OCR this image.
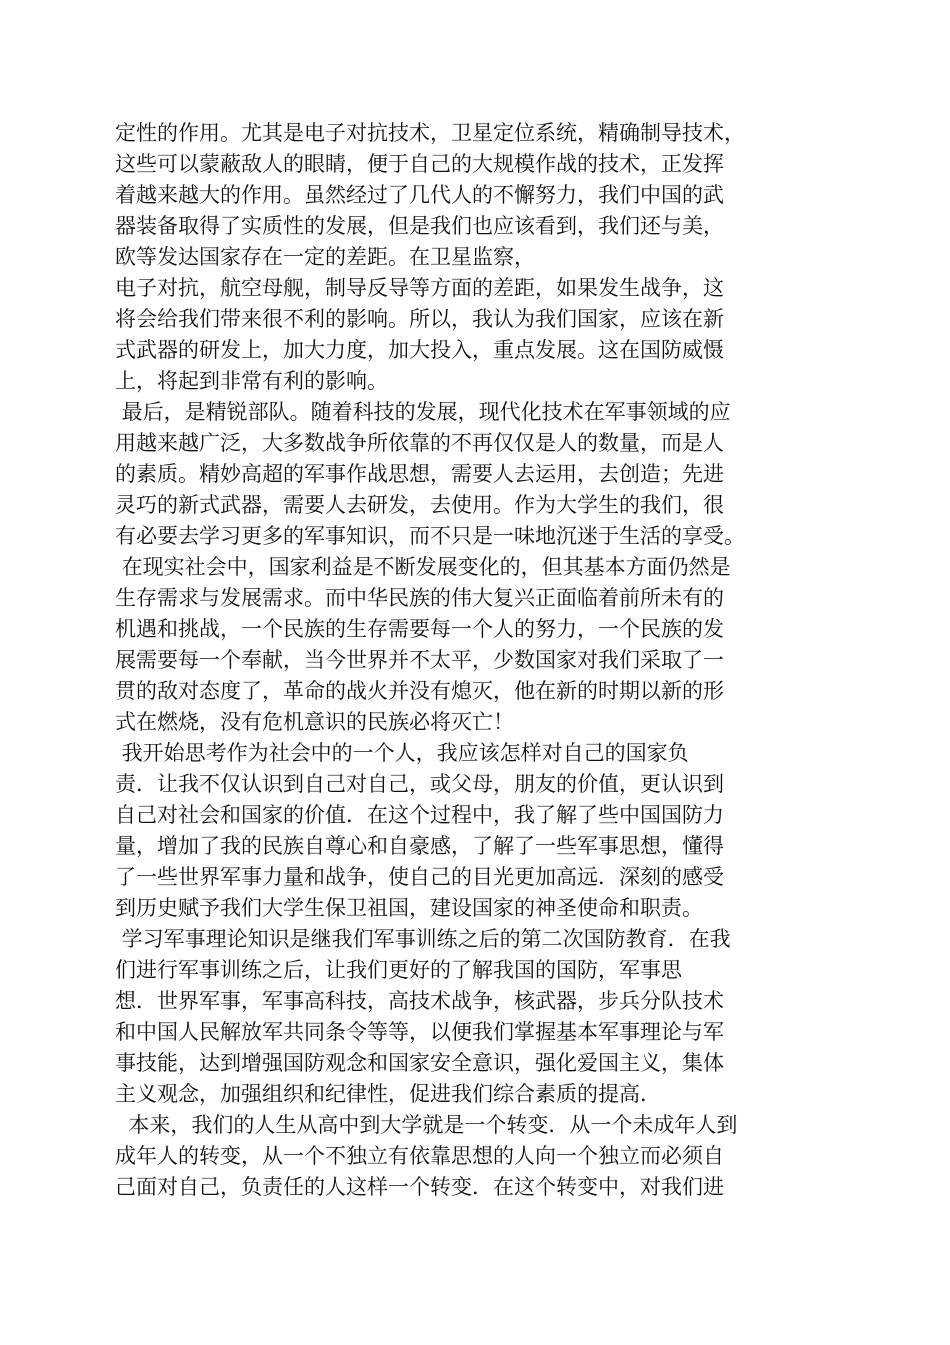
定性的作用。尤其是电子对抗技术，卫星定位系统，精确制导技术，
这些可以蒙蔽敌人的眼睛，便于自己的大规模作战的技术，正发挥
着越来越大的作用。虽然经过了几代人的不懈努力，我们中国的武
器装备取得了实质性的发展，但是我们也应该看到，我们还与美，
欧等发达国家存在一定的差距。在卫星监察，
电子对抗，航空母舰，制导反导等方面的差距，如果发生战争，这
将会给我们带来很不利的影响。所以，我认为我们国家，应该在新
式武器的研发上，加大力度，加大投入，重点发展。这在国防威慑
上，将起到非常有利的影响。
最后，是精锐部队。随着科技的发展，现代化技术在军事领域的应
用越来越广泛，大多数战争所依靠的不再仅仅是人的数量，而是人
的素质。精妙高超的军事作战思想，需要人去运用，去创造；先进
灵巧的新式武器，需要人去研发，去使用。作为大学生的我们，很
有必要去学习更多的军事知识，而不只是一味地沉迷于生活的享受。
在现实社会中，国家利益是不断发展变化的，但其基本方面仍然是
生存需求与发展需求。而中华民族的伟大复兴正面临着前所未有的
机遇和挑战，一个民族的生存需要每一个人的努力，一个民族的发
展需要每一个奉献，当今世界并不太平，少数国家对我们采取了一
贯的敌对态度了，革命的战火并没有熄灭，他在新的时期以新的形
式在燃烧，没有危机意识的民族必将灭亡！
我开始思考作为社会中的一个人，我应该怎样对自己的国家负
责．让我不仅认识到自己对自己，或父母，朋友的价值，更认识到
自己对社会和国家的价值．在这个过程中，我了解了些中国国防力
量，增加了我的民族自尊心和自豪感，了解了一些军事思想，懂得
了一些世界军事力量和战争，使自己的目光更加高远．深刻的感受
到历史赋予我们大学生保卫祖国，建设国家的神圣使命和职责。
学习军事理论知识是继我们军事训练之后的第二次国防教育．在我
们进行军事训练之后，让我们更好的了解我国的国防，军事思
想．世界军事，军事高科技，高技术战争，核武器，步兵分队技术
和中国人民解放军共同条令等等，以便我们掌握基本军事理论与军
事技能，达到增强国防观念和国家安全意识，强化爱国主义，集体
主义观念，加强组织和纪律性，促进我们综合素质的提高．
本来，我们的人生从高中到大学就是一个转变．从一个未成年人到
成年人的转变，从一个不独立有依靠思想的人向一个独立而必须自
己面对自己，负责任的人这样一个转变．在这个转变中，对我们进
